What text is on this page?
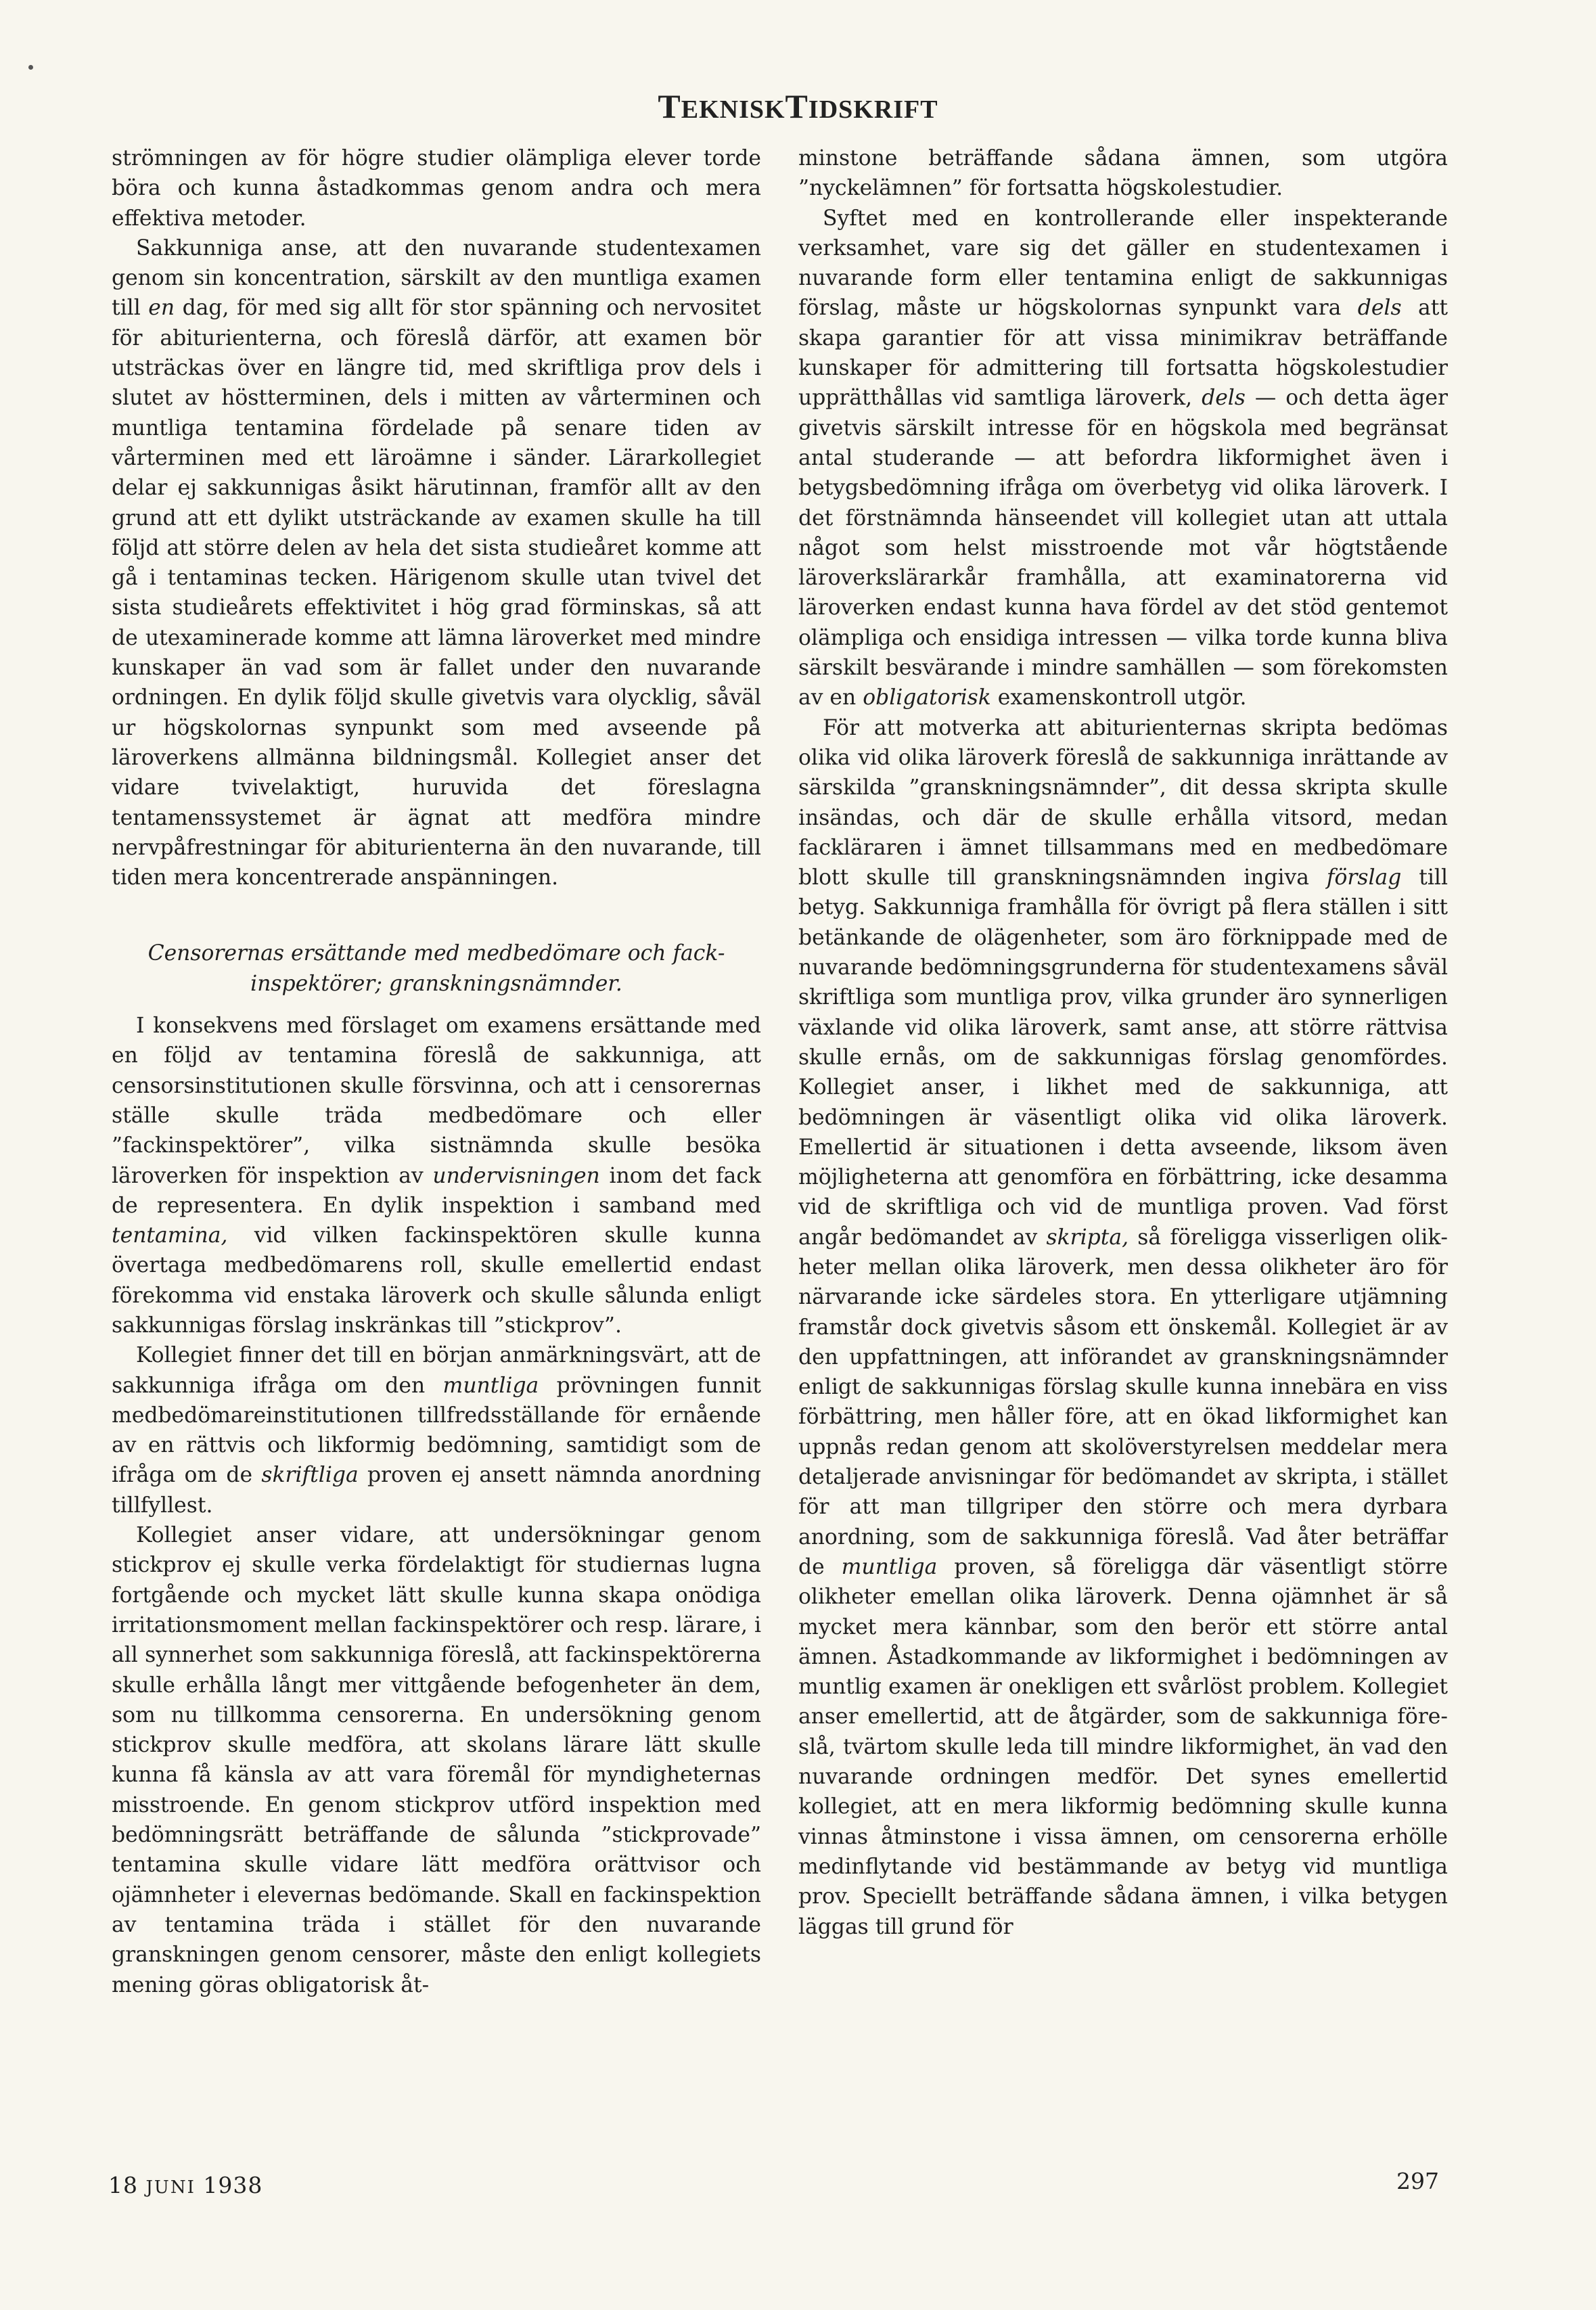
TEKNISKTIDSKRIFT

strömningen av för högre studier olämpliga elever torde böra och kunna åstadkommas genom andra och mera effektiva metoder.

Sakkunniga anse, att den nuvarande studentexamen genom sin koncentration, särskilt av den muntliga examen till en dag, för med sig allt för stor spänning och nervositet för abiturienterna, och föreslå därför, att examen bör utsträckas över en längre tid, med skriftliga prov dels i slutet av höstterminen, dels i mitten av vårterminen och muntliga tentamina fördelade på senare tiden av vårterminen med ett läroämne i sänder. Lärarkollegiet delar ej sakkunnigas åsikt härutinnan, framför allt av den grund att ett dylikt utsträckande av examen skulle ha till följd att större delen av hela det sista studieåret komme att gå i tentaminas tecken. Härigenom skulle utan tvivel det sista studieårets effektivitet i hög grad förminskas, så att de utexaminerade komme att lämna läroverket med mindre kunskaper än vad som är fallet under den nuvarande ordningen. En dylik följd skulle givetvis vara olycklig, såväl ur högskolornas synpunkt som med avseende på läroverkens allmänna bildningsmål. Kollegiet anser det vidare tvivelaktigt, huruvida det föreslagna tentamenssystemet är ägnat att medföra mindre nervpåfrestningar för abiturienterna än den nuvarande, till tiden mera koncentrerade anspänningen.

Censorernas ersättande med medbedömare och fack-
inspektörer; granskningsnämnder.

I konsekvens med förslaget om examens ersättande med en följd av tentamina föreslå de sakkunniga, att censorsinstitutionen skulle försvinna, och att i censorernas ställe skulle träda medbedömare och eller ”fackinspektörer”, vilka sistnämnda skulle besöka läroverken för inspektion av undervisningen inom det fack de representera. En dylik inspektion i samband med tentamina, vid vilken fackinspektören skulle kunna övertaga medbedömarens roll, skulle emellertid endast förekomma vid enstaka läroverk och skulle sålunda enligt sakkunnigas förslag inskränkas till ”stickprov”.

Kollegiet finner det till en början anmärkningsvärt, att de sakkunniga ifråga om den muntliga prövningen funnit medbedömareinstitutionen tillfredsställande för ernående av en rättvis och likformig bedömning, samtidigt som de ifråga om de skriftliga proven ej ansett nämnda anordning tillfyllest.

Kollegiet anser vidare, att undersökningar genom stickprov ej skulle verka fördelaktigt för studiernas lugna fortgående och mycket lätt skulle kunna skapa onödiga irritationsmoment mellan fackinspektörer och resp. lärare, i all synnerhet som sakkunniga föreslå, att fackinspektörerna skulle erhålla långt mer vittgående befogenheter än dem, som nu tillkomma censorerna. En undersökning genom stickprov skulle medföra, att skolans lärare lätt skulle kunna få känsla av att vara föremål för myndigheternas misstroende. En genom stickprov utförd inspektion med bedömningsrätt beträffande de sålunda ”stickprovade” tentamina skulle vidare lätt medföra orättvisor och ojämnheter i elevernas bedömande. Skall en fackinspektion av tentamina träda i stället för den nuvarande granskningen genom censorer, måste den enligt kollegiets mening göras obligatorisk åt-

minstone beträffande sådana ämnen, som utgöra ”nyckelämnen” för fortsatta högskolestudier.

Syftet med en kontrollerande eller inspekterande verksamhet, vare sig det gäller en studentexamen i nuvarande form eller tentamina enligt de sakkunnigas förslag, måste ur högskolornas synpunkt vara dels att skapa garantier för att vissa minimikrav beträffande kunskaper för admittering till fortsatta högskolestudier upprätthållas vid samtliga läroverk, dels — och detta äger givetvis särskilt intresse för en högskola med begränsat antal studerande — att befordra likformighet även i betygsbedömning ifråga om överbetyg vid olika läroverk. I det förstnämnda hänseendet vill kollegiet utan att uttala något som helst misstroende mot vår högtstående läroverkslärarkår framhålla, att examinatorerna vid läroverken endast kunna hava fördel av det stöd gentemot olämpliga och ensidiga intressen — vilka torde kunna bliva särskilt besvärande i mindre samhällen — som förekomsten av en obligatorisk examenskontroll utgör.

För att motverka att abiturienternas skripta bedömas olika vid olika läroverk föreslå de sakkunniga inrättande av särskilda ”granskningsnämnder”, dit dessa skripta skulle insändas, och där de skulle erhålla vitsord, medan fackläraren i ämnet tillsammans med en medbedömare blott skulle till granskningsnämnden ingiva förslag till betyg. Sakkunniga framhålla för övrigt på flera ställen i sitt betänkande de olägenheter, som äro förknippade med de nuvarande bedömningsgrunderna för studentexamens såväl skriftliga som muntliga prov, vilka grunder äro synnerligen växlande vid olika läroverk, samt anse, att större rättvisa skulle ernås, om de sakkunnigas förslag genomfördes. Kollegiet anser, i likhet med de sakkunniga, att bedömningen är väsentligt olika vid olika läroverk. Emellertid är situationen i detta avseende, liksom även möjligheterna att genomföra en förbättring, icke desamma vid de skriftliga och vid de muntliga proven. Vad först angår bedömandet av skripta, så föreligga visserligen olikheter mellan olika läroverk, men dessa olikheter äro för närvarande icke särdeles stora. En ytterligare utjämning framstår dock givetvis såsom ett önskemål. Kollegiet är av den uppfattningen, att införandet av granskningsnämnder enligt de sakkunnigas förslag skulle kunna innebära en viss förbättring, men håller före, att en ökad likformighet kan uppnås redan genom att skolöverstyrelsen meddelar mera detaljerade anvisningar för bedömandet av skripta, i stället för att man tillgriper den större och mera dyrbara anordning, som de sakkunniga föreslå. Vad åter beträffar de muntliga proven, så föreligga där väsentligt större olikheter emellan olika läroverk. Denna ojämnhet är så mycket mera kännbar, som den berör ett större antal ämnen. Åstadkommande av likformighet i bedömningen av muntlig examen är onekligen ett svårlöst problem. Kollegiet anser emellertid, att de åtgärder, som de sakkunniga föreslå, tvärtom skulle leda till mindre likformighet, än vad den nuvarande ordningen medför. Det synes emellertid kollegiet, att en mera likformig bedömning skulle kunna vinnas åtminstone i vissa ämnen, om censorerna erhölle medinflytande vid bestämmande av betyg vid muntliga prov. Speciellt beträffande sådana ämnen, i vilka betygen läggas till grund för

18 JUNI 1938	297
